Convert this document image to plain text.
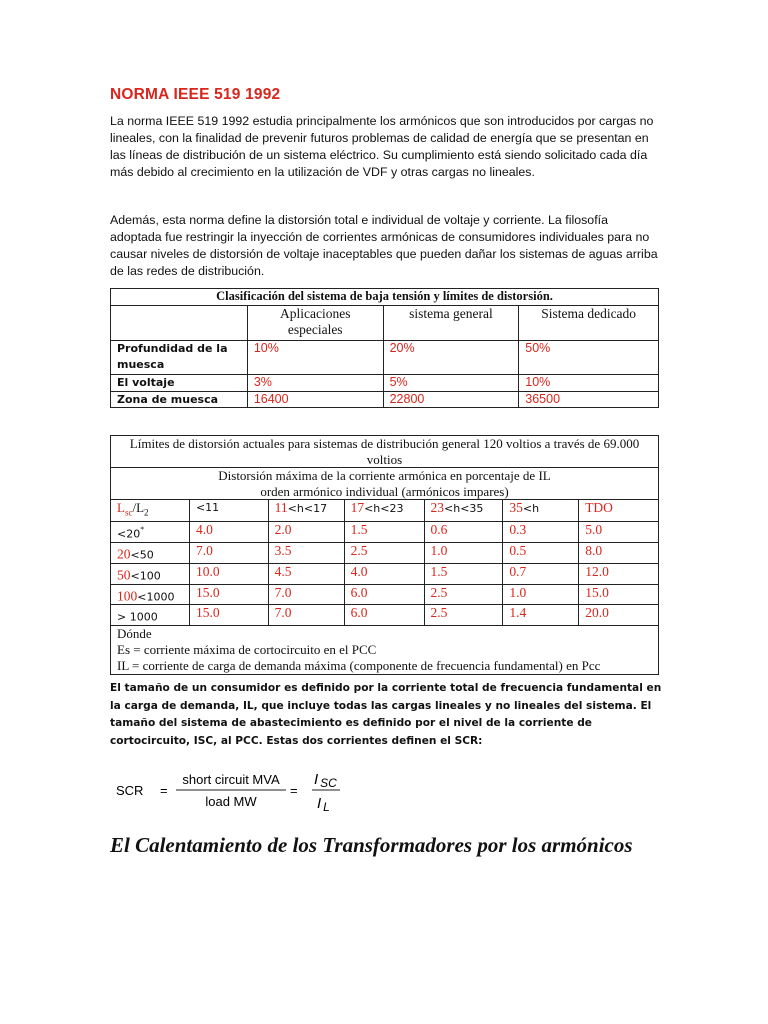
NORMA IEEE 519 1992

La norma IEEE 519 1992 estudia principalmente los armónicos que son introducidos por cargas no lineales, con la finalidad de prevenir futuros problemas de calidad de energía que se presentan en las líneas de distribución de un sistema eléctrico. Su cumplimiento está siendo solicitado cada día más debido al crecimiento en la utilización de VDF y otras cargas no lineales.

Además, esta norma define la distorsión total e individual de voltaje y corriente. La filosofía adoptada fue restringir la inyección de corrientes armónicas de consumidores individuales para no causar niveles de distorsión de voltaje inaceptables que pueden dañar los sistemas de aguas arriba de las redes de distribución.

Clasificación del sistema de baja tensión y límites de distorsión.			
	Aplicaciones especiales	sistema general	Sistema dedicado
Profundidad de la muesca	10%	20%	50%
El voltaje	3%	5%	10%
Zona de muesca	16400	22800	36500
Límites de distorsión actuales para sistemas de distribución general 120 voltios a través de 69.000 voltios						
Distorsión máxima de la corriente armónica en porcentaje de IL
orden armónico individual (armónicos impares)						
$L_{sc}/L_2$	<11	11<h<17	17<h<23	23<h<35	35<h	TDO
<20*	4.0	2.0	1.5	0.6	0.3	5.0
20<50	7.0	3.5	2.5	1.0	0.5	8.0
50<100	10.0	4.5	4.0	1.5	0.7	12.0
100<1000	15.0	7.0	6.0	2.5	1.0	15.0
> 1000	15.0	7.0	6.0	2.5	1.4	20.0
Dónde
Es = corriente máxima de cortocircuito en el PCC
IL = corriente de carga de demanda máxima (componente de frecuencia fundamental) en Pcc						

El tamaño de un consumidor es definido por la corriente total de frecuencia fundamental en la carga de demanda, IL, que incluye todas las cargas lineales y no lineales del sistema. El tamaño del sistema de abastecimiento es definido por el nivel de la corriente de cortocircuito, ISC, al PCC. Estas dos corrientes definen el SCR:

SCR =
short circuit MVA
load MW
=
I $_{SC}$
I $_L$

El Calentamiento de los Transformadores por los armónicos
